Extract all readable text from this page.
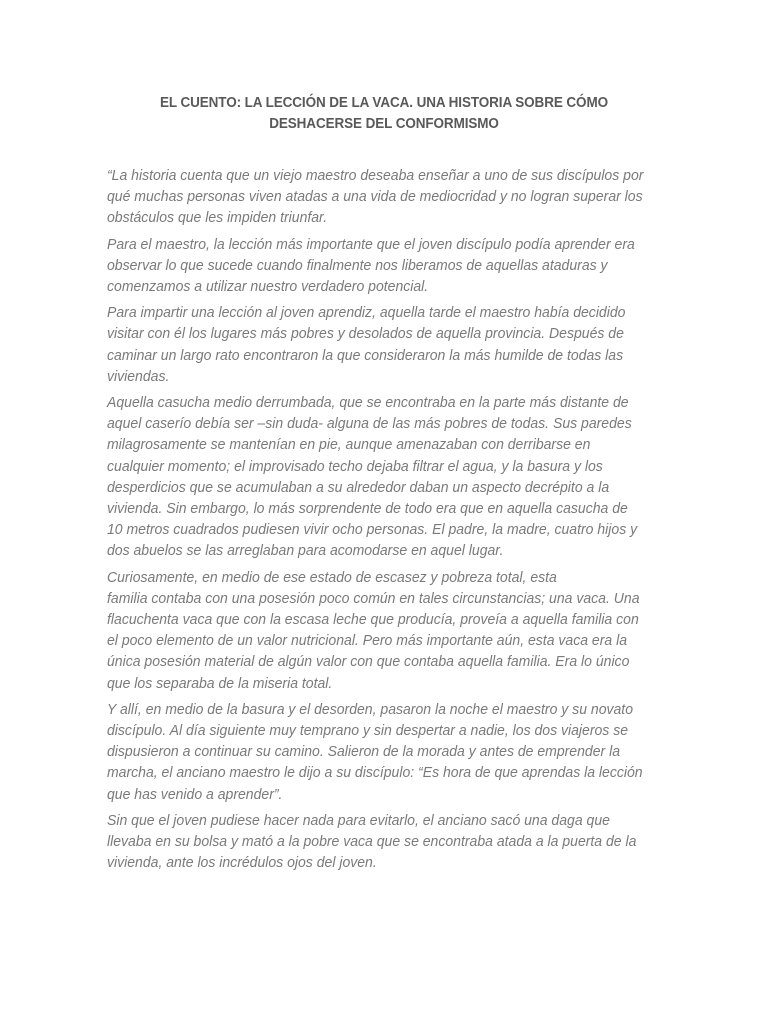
EL CUENTO: LA LECCIÓN DE LA VACA. UNA HISTORIA SOBRE CÓMO
DESHACERSE DEL CONFORMISMO

“La historia cuenta que un viejo maestro deseaba enseñar a uno de sus discípulos por
qué muchas personas viven atadas a una vida de mediocridad y no logran superar los
obstáculos que les impiden triunfar.

Para el maestro, la lección más importante que el joven discípulo podía aprender era
observar lo que sucede cuando finalmente nos liberamos de aquellas ataduras y
comenzamos a utilizar nuestro verdadero potencial.

Para impartir una lección al joven aprendiz, aquella tarde el maestro había decidido
visitar con él los lugares más pobres y desolados de aquella provincia. Después de
caminar un largo rato encontraron la que consideraron la más humilde de todas las
viviendas.

Aquella casucha medio derrumbada, que se encontraba en la parte más distante de
aquel caserío debía ser –sin duda- alguna de las más pobres de todas. Sus paredes
milagrosamente se mantenían en pie, aunque amenazaban con derribarse en
cualquier momento; el improvisado techo dejaba filtrar el agua, y la basura y los
desperdicios que se acumulaban a su alrededor daban un aspecto decrépito a la
vivienda. Sin embargo, lo más sorprendente de todo era que en aquella casucha de
10 metros cuadrados pudiesen vivir ocho personas. El padre, la madre, cuatro hijos y
dos abuelos se las arreglaban para acomodarse en aquel lugar.

Curiosamente, en medio de ese estado de escasez y pobreza total, esta
familia contaba con una posesión poco común en tales circunstancias; una vaca. Una
flacuchenta vaca que con la escasa leche que producía, proveía a aquella familia con
el poco elemento de un valor nutricional. Pero más importante aún, esta vaca era la
única posesión material de algún valor con que contaba aquella familia. Era lo único
que los separaba de la miseria total.

Y allí, en medio de la basura y el desorden, pasaron la noche el maestro y su novato
discípulo. Al día siguiente muy temprano y sin despertar a nadie, los dos viajeros se
dispusieron a continuar su camino. Salieron de la morada y antes de emprender la
marcha, el anciano maestro le dijo a su discípulo: “Es hora de que aprendas la lección
que has venido a aprender”.

Sin que el joven pudiese hacer nada para evitarlo, el anciano sacó una daga que
llevaba en su bolsa y mató a la pobre vaca que se encontraba atada a la puerta de la
vivienda, ante los incrédulos ojos del joven.
